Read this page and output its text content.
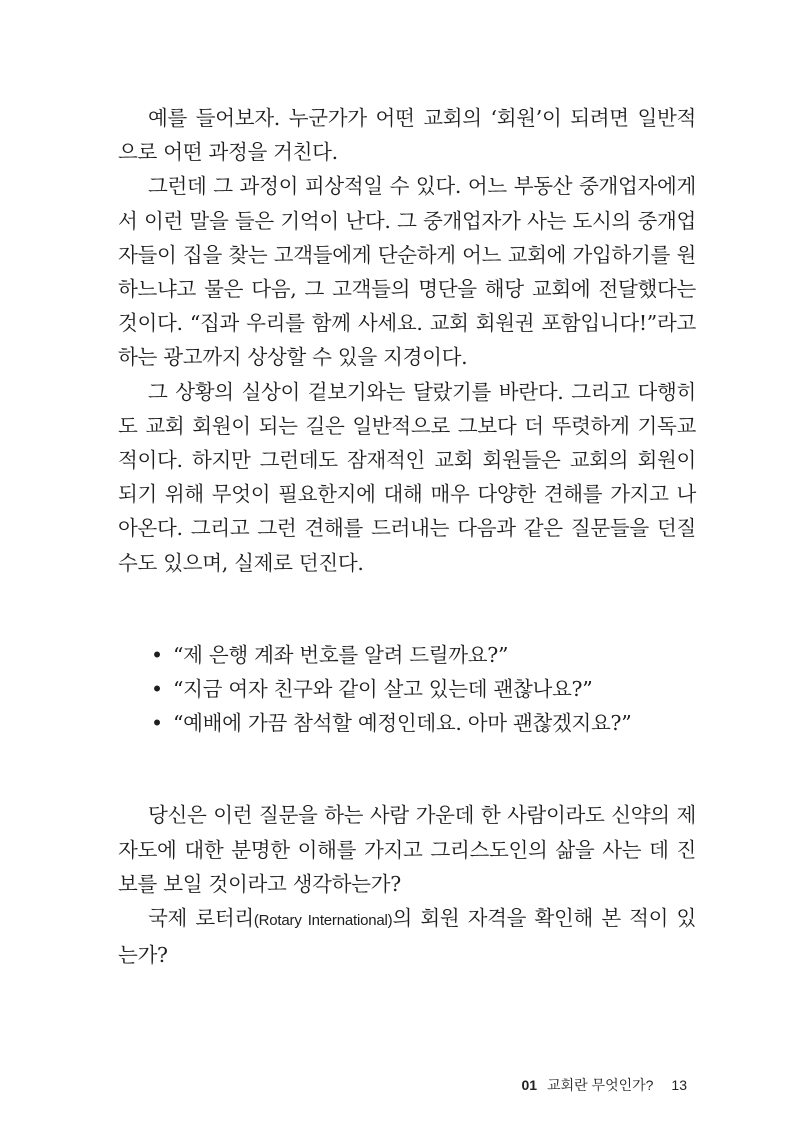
예를 들어보자. 누군가가 어떤 교회의 ‘회원’이 되려면 일반적으로 어떤 과정을 거친다.

그런데 그 과정이 피상적일 수 있다. 어느 부동산 중개업자에게서 이런 말을 들은 기억이 난다. 그 중개업자가 사는 도시의 중개업자들이 집을 찾는 고객들에게 단순하게 어느 교회에 가입하기를 원하느냐고 물은 다음, 그 고객들의 명단을 해당 교회에 전달했다는 것이다. “집과 우리를 함께 사세요. 교회 회원권 포함입니다!”라고 하는 광고까지 상상할 수 있을 지경이다.

그 상황의 실상이 겉보기와는 달랐기를 바란다. 그리고 다행히도 교회 회원이 되는 길은 일반적으로 그보다 더 뚜렷하게 기독교적이다. 하지만 그런데도 잠재적인 교회 회원들은 교회의 회원이 되기 위해 무엇이 필요한지에 대해 매우 다양한 견해를 가지고 나아온다. 그리고 그런 견해를 드러내는 다음과 같은 질문들을 던질 수도 있으며, 실제로 던진다.

• “제 은행 계좌 번호를 알려 드릴까요?”
• “지금 여자 친구와 같이 살고 있는데 괜찮나요?”
• “예배에 가끔 참석할 예정인데요. 아마 괜찮겠지요?”

당신은 이런 질문을 하는 사람 가운데 한 사람이라도 신약의 제자도에 대한 분명한 이해를 가지고 그리스도인의 삶을 사는 데 진보를 보일 것이라고 생각하는가?

국제 로터리(Rotary International)의 회원 자격을 확인해 본 적이 있는가?

01 교회란 무엇인가? 13
